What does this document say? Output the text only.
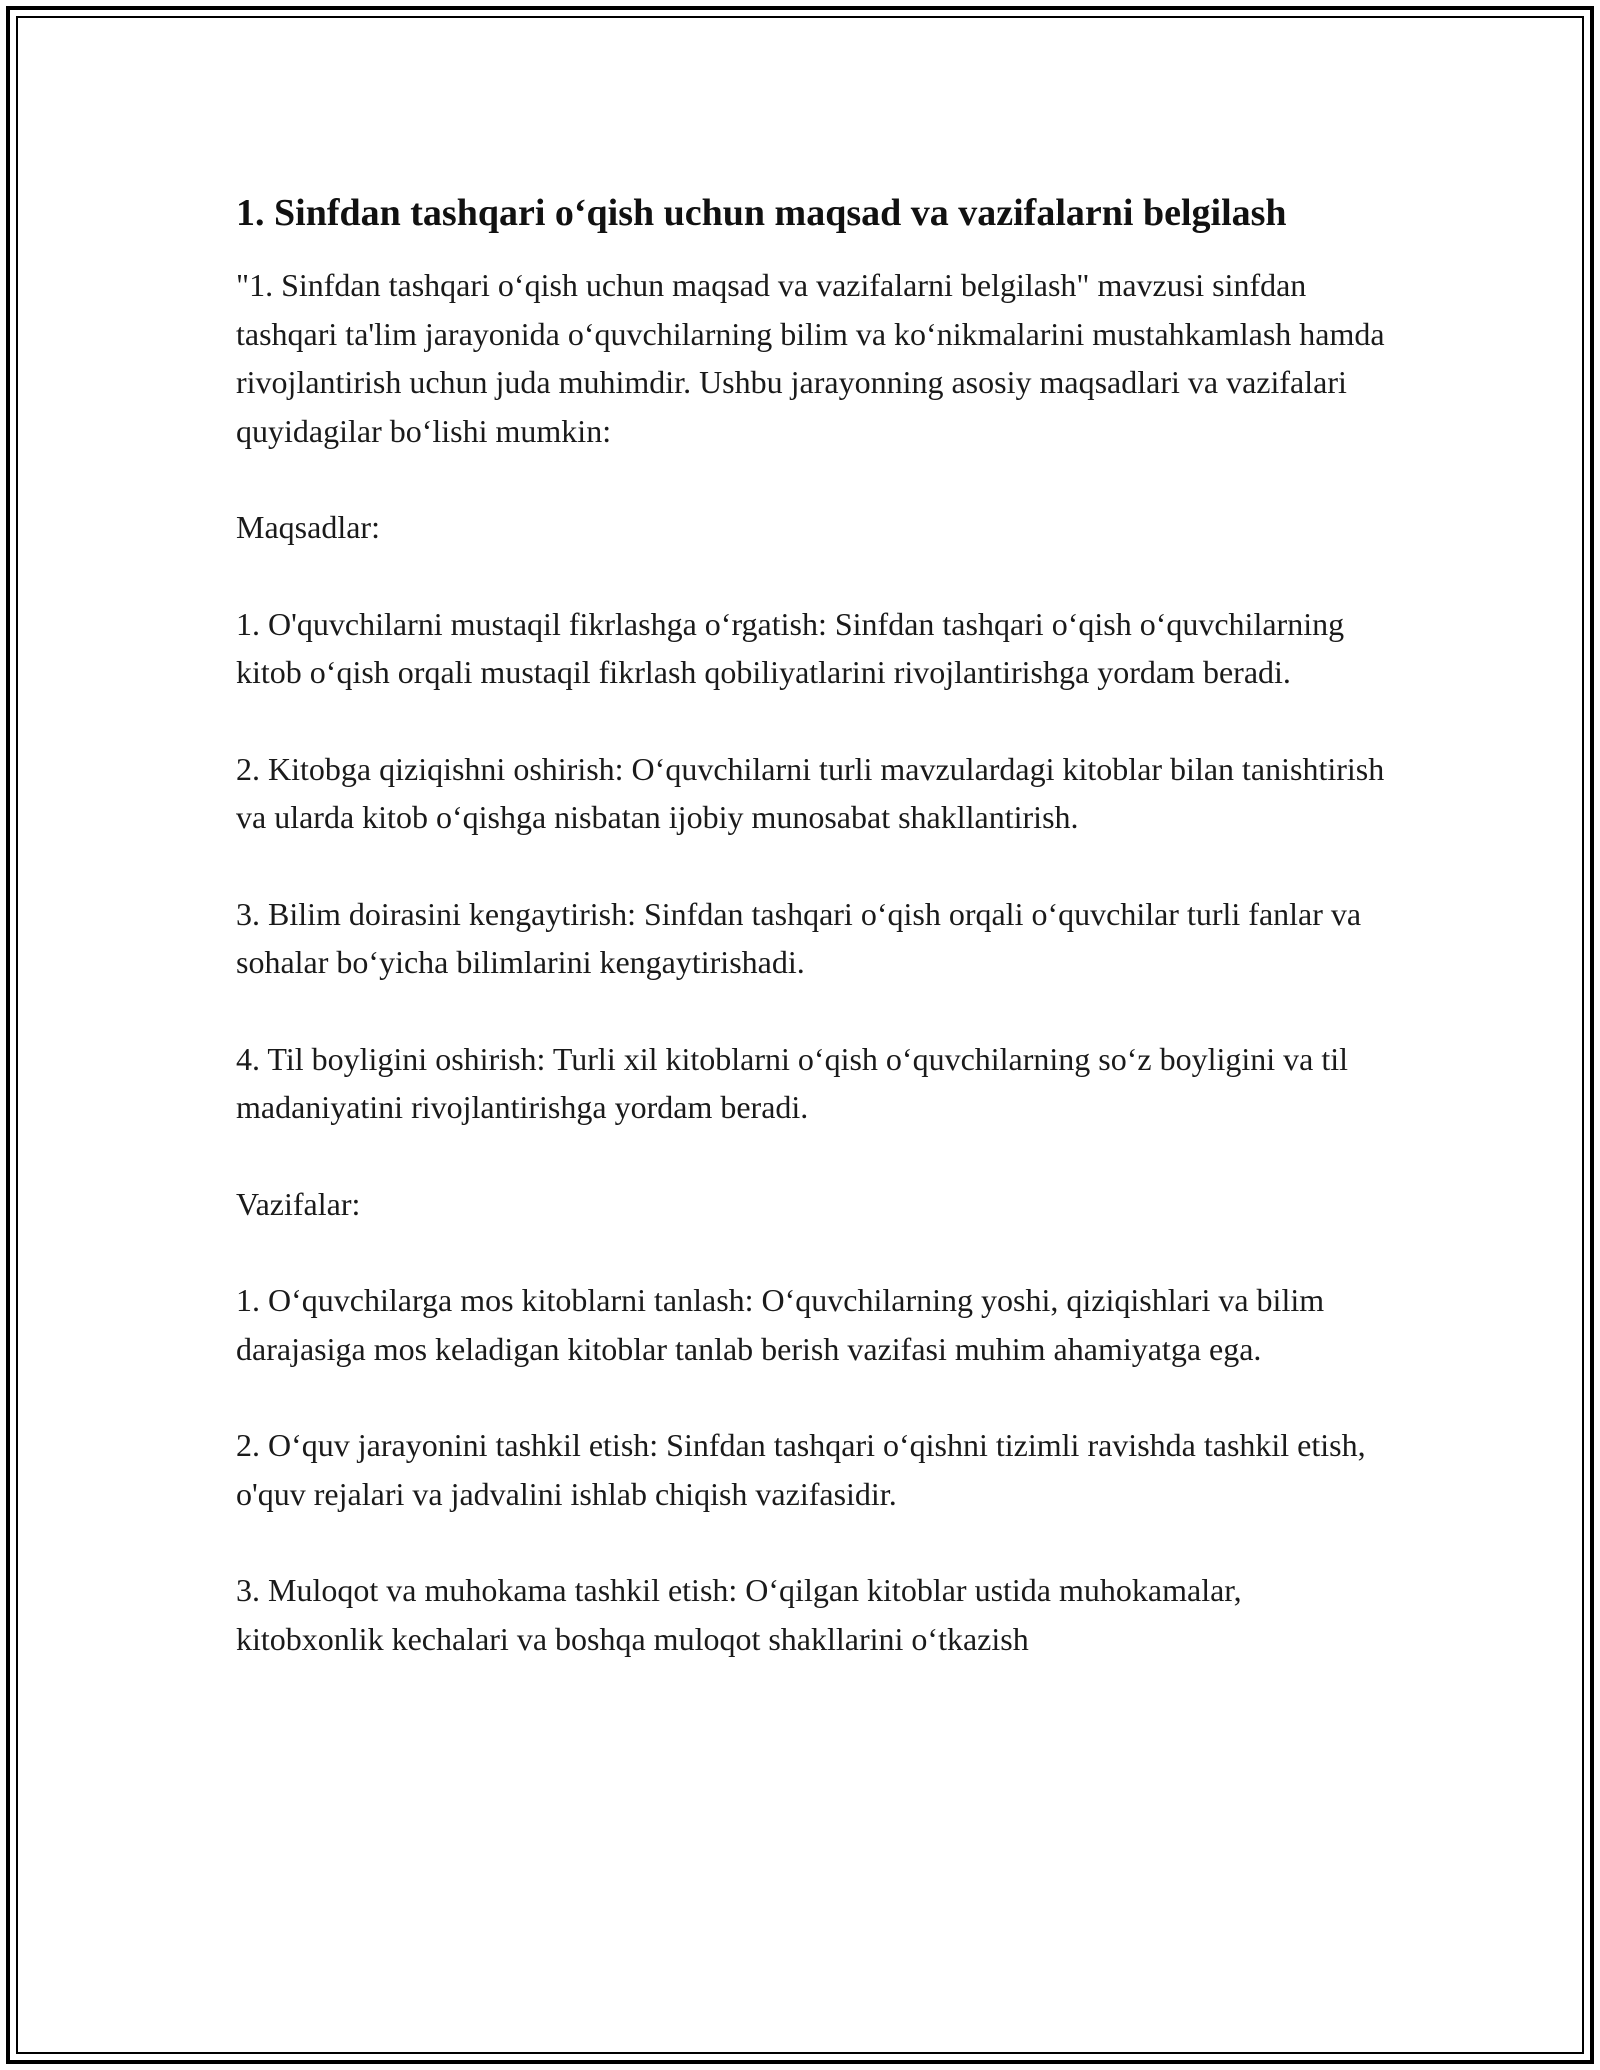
1. Sinfdan tashqari o‘qish uchun maqsad va vazifalarni belgilash

"1. Sinfdan tashqari o‘qish uchun maqsad va vazifalarni belgilash" mavzusi sinfdan tashqari ta'lim jarayonida o‘quvchilarning bilim va ko‘nikmalarini mustahkamlash hamda rivojlantirish uchun juda muhimdir. Ushbu jarayonning asosiy maqsadlari va vazifalari quyidagilar bo‘lishi mumkin:

Maqsadlar:

1. O'quvchilarni mustaqil fikrlashga o‘rgatish: Sinfdan tashqari o‘qish o‘quvchilarning kitob o‘qish orqali mustaqil fikrlash qobiliyatlarini rivojlantirishga yordam beradi.

2. Kitobga qiziqishni oshirish: O‘quvchilarni turli mavzulardagi kitoblar bilan tanishtirish va ularda kitob o‘qishga nisbatan ijobiy munosabat shakllantirish.

3. Bilim doirasini kengaytirish: Sinfdan tashqari o‘qish orqali o‘quvchilar turli fanlar va sohalar bo‘yicha bilimlarini kengaytirishadi.

4. Til boyligini oshirish: Turli xil kitoblarni o‘qish o‘quvchilarning so‘z boyligini va til madaniyatini rivojlantirishga yordam beradi.

Vazifalar:

1. O‘quvchilarga mos kitoblarni tanlash: O‘quvchilarning yoshi, qiziqishlari va bilim darajasiga mos keladigan kitoblar tanlab berish vazifasi muhim ahamiyatga ega.

2. O‘quv jarayonini tashkil etish: Sinfdan tashqari o‘qishni tizimli ravishda tashkil etish, o'quv rejalari va jadvalini ishlab chiqish vazifasidir.

3. Muloqot va muhokama tashkil etish: O‘qilgan kitoblar ustida muhokamalar, kitobxonlik kechalari va boshqa muloqot shakllarini o‘tkazish
